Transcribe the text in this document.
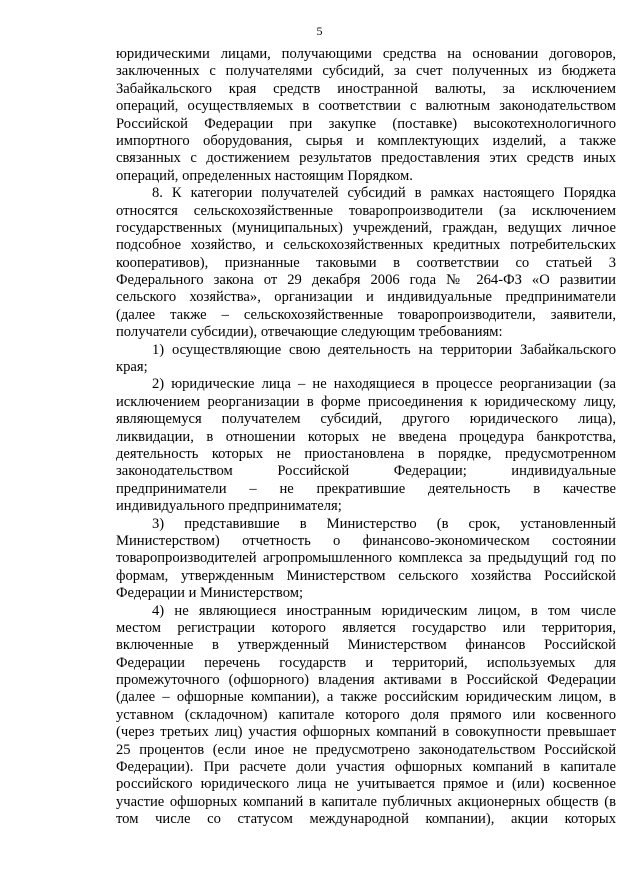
5
юридическими лицами, получающими средства на основании договоров,
заключенных с получателями субсидий, за счет полученных из бюджета
Забайкальского края средств иностранной валюты, за исключением
операций, осуществляемых в соответствии с валютным законодательством
Российской Федерации при закупке (поставке) высокотехнологичного
импортного оборудования, сырья и комплектующих изделий, а также
связанных с достижением результатов предоставления этих средств иных
операций, определенных настоящим Порядком.
8. К категории получателей субсидий в рамках настоящего Порядка
относятся сельскохозяйственные товаропроизводители (за исключением
государственных (муниципальных) учреждений, граждан, ведущих личное
подсобное хозяйство, и сельскохозяйственных кредитных потребительских
кооперативов), признанные таковыми в соответствии со статьей 3
Федерального закона от 29 декабря 2006 года № 264-ФЗ «О развитии
сельского хозяйства», организации и индивидуальные предприниматели
(далее также – сельскохозяйственные товаропроизводители, заявители,
получатели субсидии), отвечающие следующим требованиям:
1) осуществляющие свою деятельность на территории Забайкальского
края;
2) юридические лица – не находящиеся в процессе реорганизации (за
исключением реорганизации в форме присоединения к юридическому лицу,
являющемуся получателем субсидий, другого юридического лица),
ликвидации, в отношении которых не введена процедура банкротства,
деятельность которых не приостановлена в порядке, предусмотренном
законодательством Российской Федерации; индивидуальные
предприниматели – не прекратившие деятельность в качестве
индивидуального предпринимателя;
3) представившие в Министерство (в срок, установленный
Министерством) отчетность о финансово-экономическом состоянии
товаропроизводителей агропромышленного комплекса за предыдущий год по
формам, утвержденным Министерством сельского хозяйства Российской
Федерации и Министерством;
4) не являющиеся иностранным юридическим лицом, в том числе
местом регистрации которого является государство или территория,
включенные в утвержденный Министерством финансов Российской
Федерации перечень государств и территорий, используемых для
промежуточного (офшорного) владения активами в Российской Федерации
(далее – офшорные компании), а также российским юридическим лицом, в
уставном (складочном) капитале которого доля прямого или косвенного
(через третьих лиц) участия офшорных компаний в совокупности превышает
25 процентов (если иное не предусмотрено законодательством Российской
Федерации). При расчете доли участия офшорных компаний в капитале
российского юридического лица не учитывается прямое и (или) косвенное
участие офшорных компаний в капитале публичных акционерных обществ (в
том числе со статусом международной компании), акции которых
